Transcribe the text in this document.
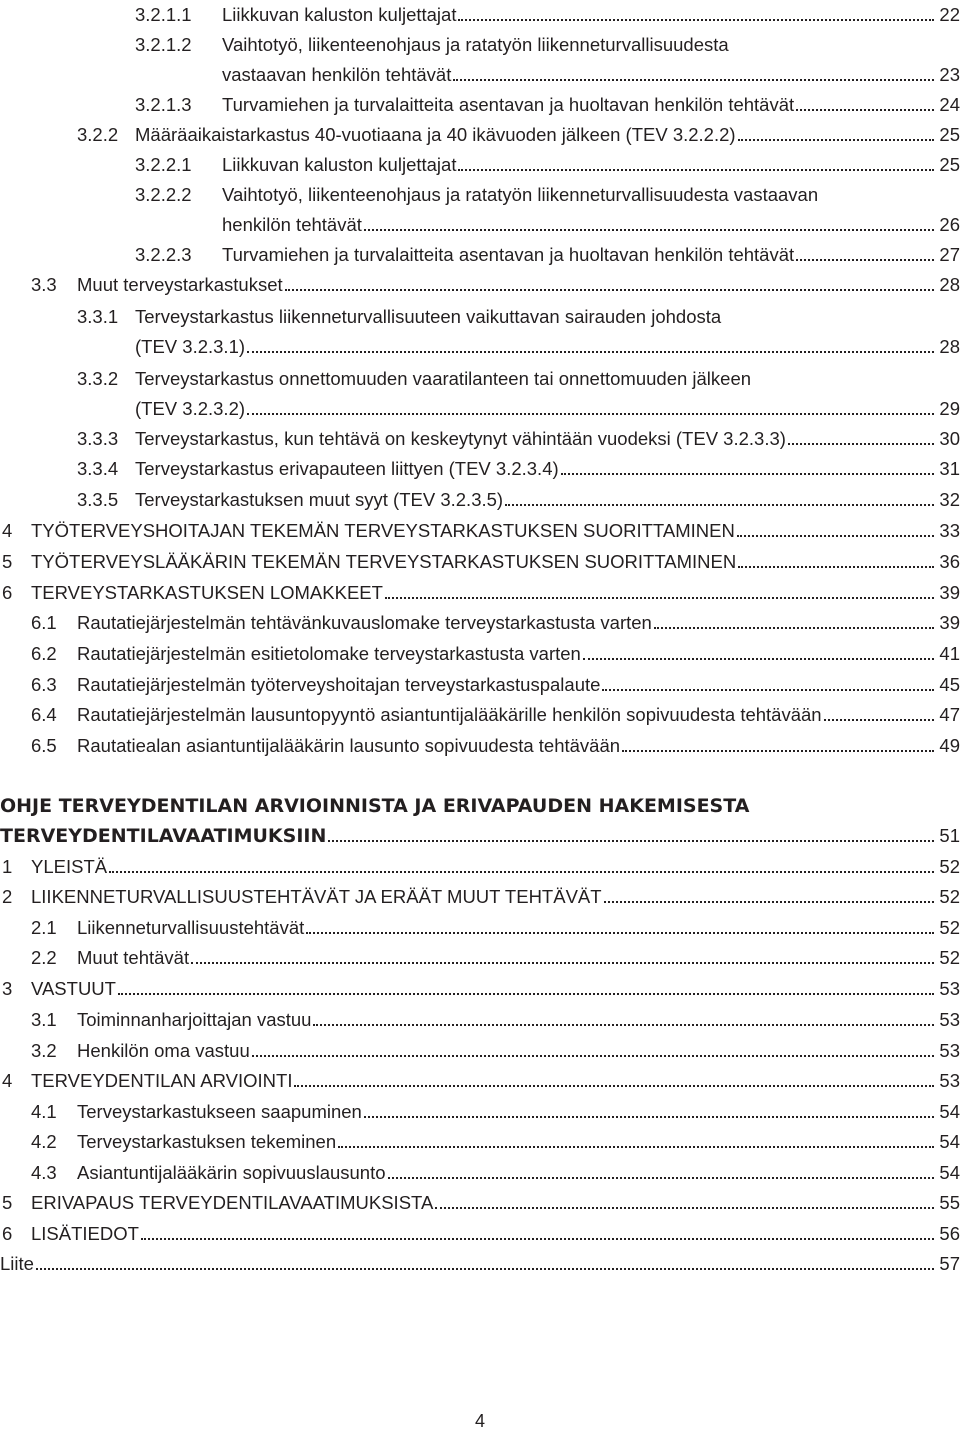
3.2.1.1 Liikkuvan kaluston kuljettajat	22
3.2.1.2 Vaihtotyö, liikenteenohjaus ja ratatyön liikenneturvallisuudesta
vastaavan henkilön tehtävät	23
3.2.1.3 Turvamiehen ja turvalaitteita asentavan ja huoltavan henkilön tehtävät	24
3.2.2 Määräaikaistarkastus 40-vuotiaana ja 40 ikävuoden jälkeen (TEV 3.2.2.2)	25
3.2.2.1 Liikkuvan kaluston kuljettajat	25
3.2.2.2 Vaihtotyö, liikenteenohjaus ja ratatyön liikenneturvallisuudesta vastaavan
henkilön tehtävät	26
3.2.2.3 Turvamiehen ja turvalaitteita asentavan ja huoltavan henkilön tehtävät	27
3.3 Muut terveystarkastukset	28
3.3.1 Terveystarkastus liikenneturvallisuuteen vaikuttavan sairauden johdosta
(TEV 3.2.3.1)	28
3.3.2 Terveystarkastus onnettomuuden vaaratilanteen tai onnettomuuden jälkeen
(TEV 3.2.3.2)	29
3.3.3 Terveystarkastus, kun tehtävä on keskeytynyt vähintään vuodeksi (TEV 3.2.3.3)	30
3.3.4 Terveystarkastus erivapauteen liittyen (TEV 3.2.3.4)	31
3.3.5 Terveystarkastuksen muut syyt (TEV 3.2.3.5)	32
4 TYÖTERVEYSHOITAJAN TEKEMÄN TERVEYSTARKASTUKSEN SUORITTAMINEN	33
5 TYÖTERVEYSLÄÄKÄRIN TEKEMÄN TERVEYSTARKASTUKSEN SUORITTAMINEN	36
6 TERVEYSTARKASTUKSEN LOMAKKEET	39
6.1 Rautatiejärjestelmän tehtävänkuvauslomake terveystarkastusta varten	39
6.2 Rautatiejärjestelmän esitietolomake terveystarkastusta varten	41
6.3 Rautatiejärjestelmän työterveyshoitajan terveystarkastuspalaute	45
6.4 Rautatiejärjestelmän lausuntopyyntö asiantuntijalääkärille henkilön sopivuudesta tehtävään	47
6.5 Rautatiealan asiantuntijalääkärin lausunto sopivuudesta tehtävään	49
OHJE TERVEYDENTILAN ARVIOINNISTA JA ERIVAPAUDEN HAKEMISESTA
TERVEYDENTILAVAATIMUKSIIN	51
1 YLEISTÄ	52
2 LIIKENNETURVALLISUUSTEHTÄVÄT JA ERÄÄT MUUT TEHTÄVÄT	52
2.1 Liikenneturvallisuustehtävät	52
2.2 Muut tehtävät	52
3 VASTUUT	53
3.1 Toiminnanharjoittajan vastuu	53
3.2 Henkilön oma vastuu	53
4 TERVEYDENTILAN ARVIOINTI	53
4.1 Terveystarkastukseen saapuminen	54
4.2 Terveystarkastuksen tekeminen	54
4.3 Asiantuntijalääkärin sopivuuslausunto	54
5 ERIVAPAUS TERVEYDENTILAVAATIMUKSISTA	55
6 LISÄTIEDOT	56
Liite	57
4
